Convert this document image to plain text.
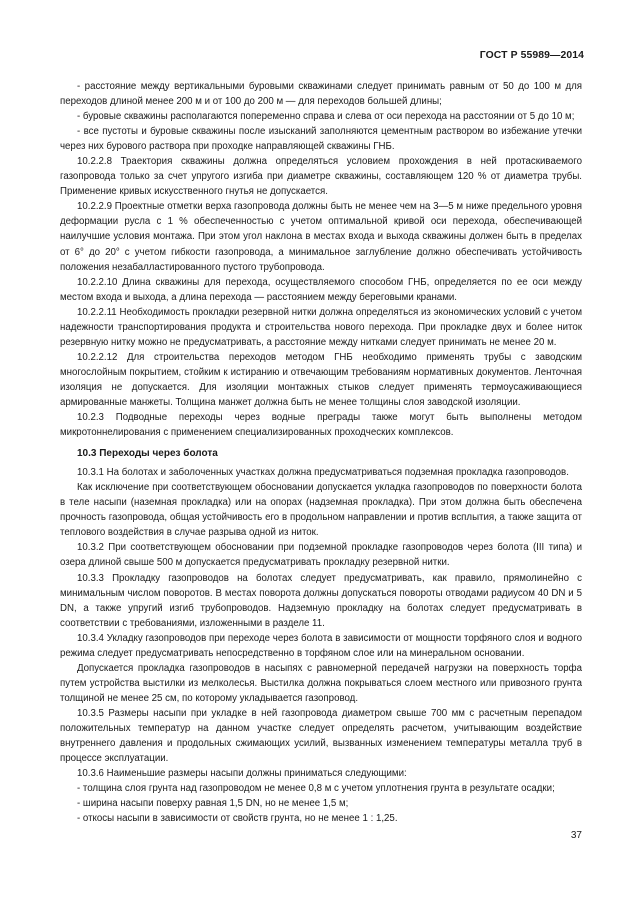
ГОСТ Р 55989—2014

- расстояние между вертикальными буровыми скважинами следует принимать равным от 50 до 100 м для переходов длиной менее 200 м и от 100 до 200 м — для переходов большей длины;

- буровые скважины располагаются попеременно справа и слева от оси перехода на расстоянии от 5 до 10 м;

- все пустоты и буровые скважины после изысканий заполняются цементным раствором во избежание утечки через них бурового раствора при проходке направляющей скважины ГНБ.

10.2.2.8 Траектория скважины должна определяться условием прохождения в ней протаскиваемого газопровода только за счет упругого изгиба при диаметре скважины, составляющем 120 % от диаметра трубы. Применение кривых искусственного гнутья не допускается.

10.2.2.9 Проектные отметки верха газопровода должны быть не менее чем на 3—5 м ниже предельного уровня деформации русла с 1 % обеспеченностью с учетом оптимальной кривой оси перехода, обеспечивающей наилучшие условия монтажа. При этом угол наклона в местах входа и выхода скважины должен быть в пределах от 6° до 20° с учетом гибкости газопровода, а минимальное заглубление должно обеспечивать устойчивость положения незабалластированного пустого трубопровода.

10.2.2.10 Длина скважины для перехода, осуществляемого способом ГНБ, определяется по ее оси между местом входа и выхода, а длина перехода — расстоянием между береговыми кранами.

10.2.2.11 Необходимость прокладки резервной нитки должна определяться из экономических условий с учетом надежности транспортирования продукта и строительства нового перехода. При прокладке двух и более ниток резервную нитку можно не предусматривать, а расстояние между нитками следует принимать не менее 20 м.

10.2.2.12 Для строительства переходов методом ГНБ необходимо применять трубы с заводским многослойным покрытием, стойким к истиранию и отвечающим требованиям нормативных документов. Ленточная изоляция не допускается. Для изоляции монтажных стыков следует применять термоусаживающиеся армированные манжеты. Толщина манжет должна быть не менее толщины слоя заводской изоляции.

10.2.3 Подводные переходы через водные преграды также могут быть выполнены методом микротоннелирования с применением специализированных проходческих комплексов.

10.3 Переходы через болота

10.3.1 На болотах и заболоченных участках должна предусматриваться подземная прокладка газопроводов.

Как исключение при соответствующем обосновании допускается укладка газопроводов по поверхности болота в теле насыпи (наземная прокладка) или на опорах (надземная прокладка). При этом должна быть обеспечена прочность газопровода, общая устойчивость его в продольном направлении и против всплытия, а также защита от теплового воздействия в случае разрыва одной из ниток.

10.3.2 При соответствующем обосновании при подземной прокладке газопроводов через болота (III типа) и озера длиной свыше 500 м допускается предусматривать прокладку резервной нитки.

10.3.3 Прокладку газопроводов на болотах следует предусматривать, как правило, прямолинейно с минимальным числом поворотов. В местах поворота должны допускаться повороты отводами радиусом 40 DN и 5 DN, а также упругий изгиб трубопроводов. Надземную прокладку на болотах следует предусматривать в соответствии с требованиями, изложенными в разделе 11.

10.3.4 Укладку газопроводов при переходе через болота в зависимости от мощности торфяного слоя и водного режима следует предусматривать непосредственно в торфяном слое или на минеральном основании.

Допускается прокладка газопроводов в насыпях с равномерной передачей нагрузки на поверхность торфа путем устройства выстилки из мелколесья. Выстилка должна покрываться слоем местного или привозного грунта толщиной не менее 25 см, по которому укладывается газопровод.

10.3.5 Размеры насыпи при укладке в ней газопровода диаметром свыше 700 мм с расчетным перепадом положительных температур на данном участке следует определять расчетом, учитывающим воздействие внутреннего давления и продольных сжимающих усилий, вызванных изменением температуры металла труб в процессе эксплуатации.

10.3.6 Наименьшие размеры насыпи должны приниматься следующими:

- толщина слоя грунта над газопроводом не менее 0,8 м с учетом уплотнения грунта в результате осадки;

- ширина насыпи поверху равная 1,5 DN, но не менее 1,5 м;

- откосы насыпи в зависимости от свойств грунта, но не менее 1 : 1,25.

37
